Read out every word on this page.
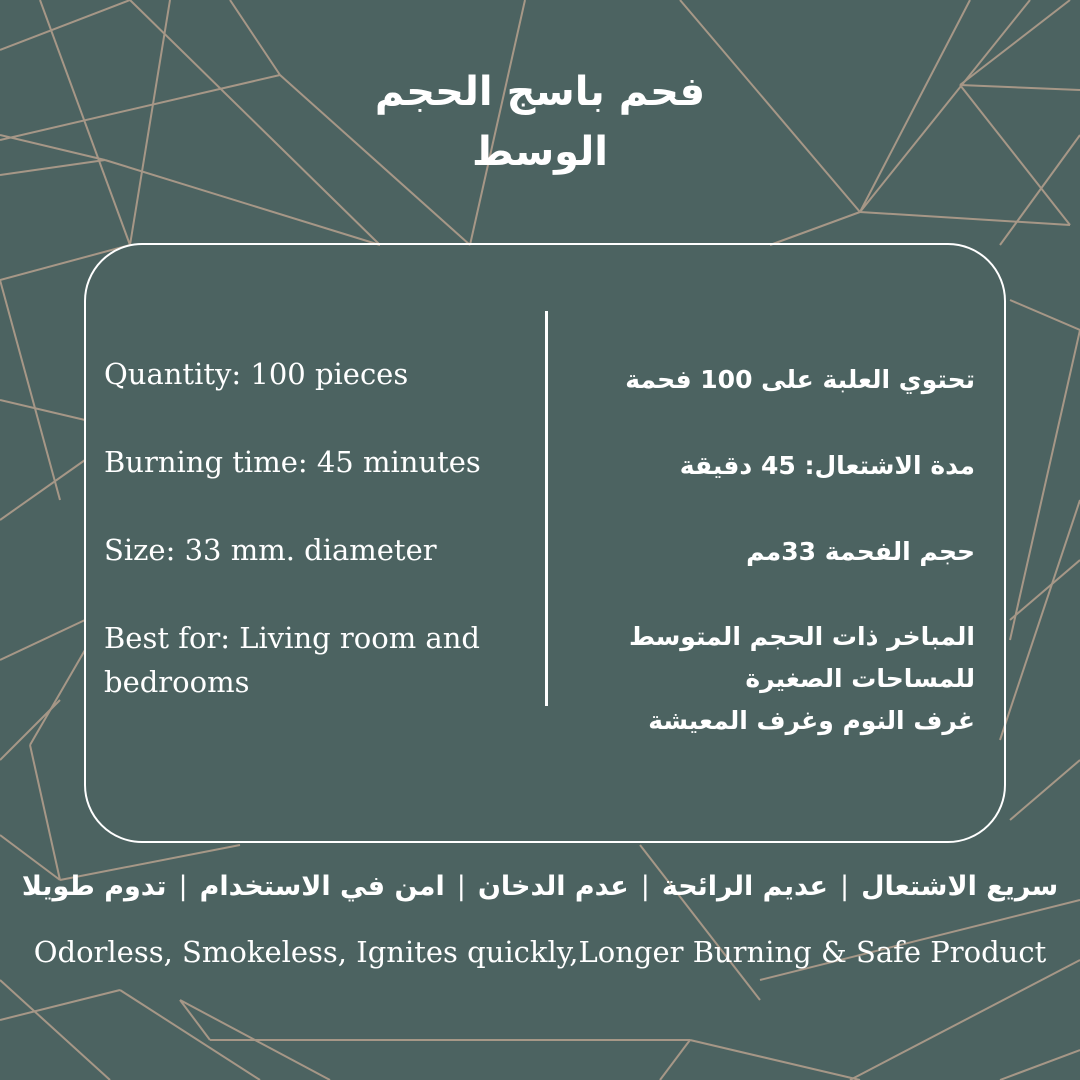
فحم باسج الحجم
الوسط
Quantity: 100 pieces
Burning time: 45 minutes
Size: 33 mm. diameter
Best for: Living room and bedrooms
تحتوي العلبة على 100 فحمة
مدة الاشتعال: 45 دقيقة
حجم الفحمة 33مم
المباخر ذات الحجم المتوسط
للمساحات الصغيرة
غرف النوم وغرف المعيشة
سريع الاشتعال|عديم الرائحة|عدم الدخان|امن في الاستخدام|تدوم طويلا
Odorless, Smokeless, Ignites quickly,Longer Burning & Safe Product
